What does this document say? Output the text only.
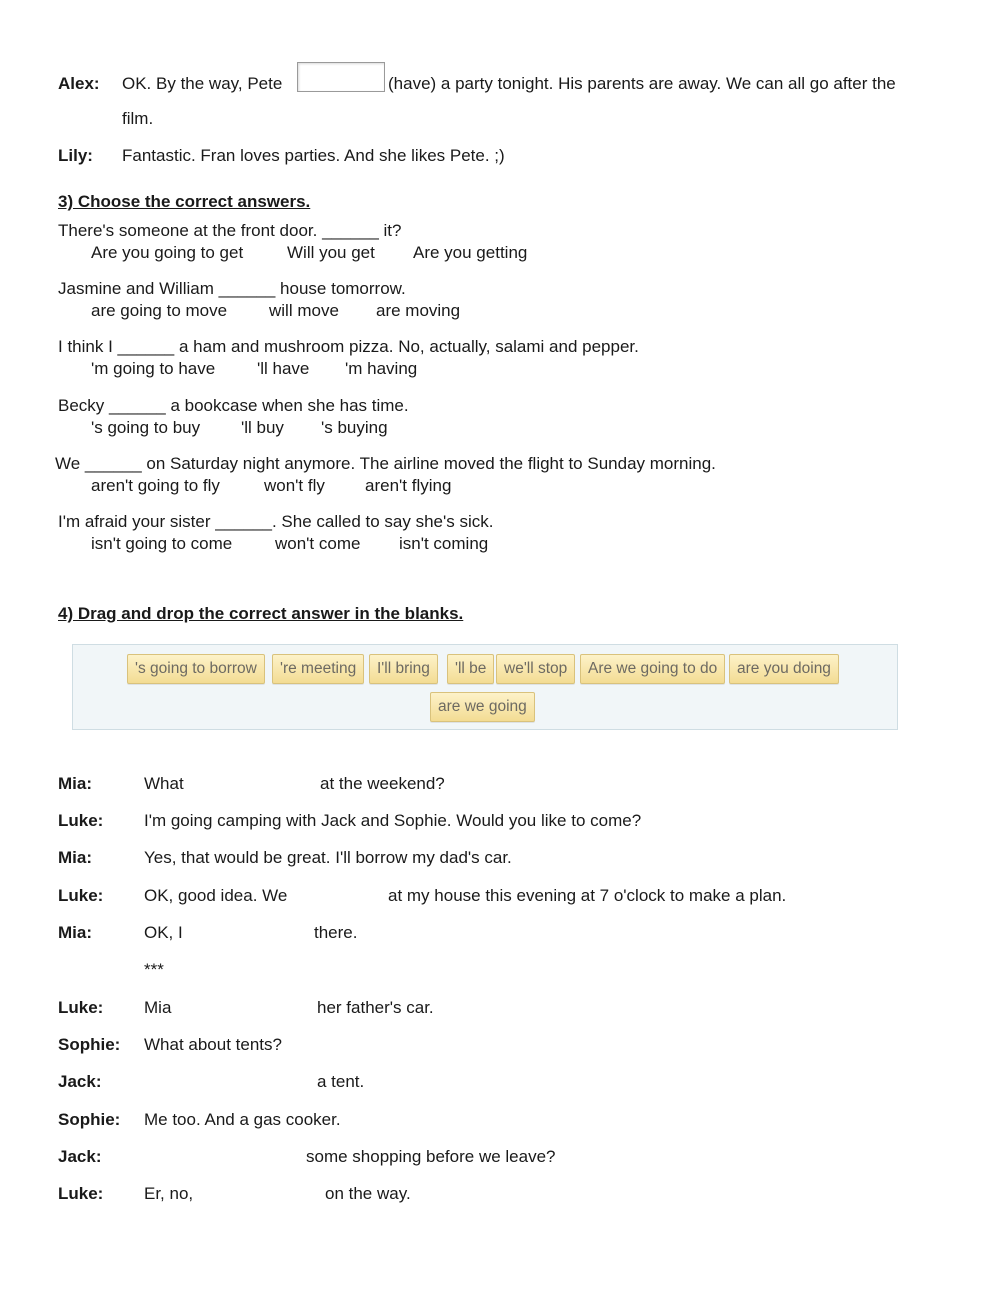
Alex: OK. By the way, Pete	(have) a party tonight. His parents are away. We can all go after the
film.
Lily: Fantastic. Fran loves parties. And she likes Pete. ;)
3) Choose the correct answers.
There's someone at the front door. ______ it?
Are you going to get	Will you get Are you getting
Jasmine and William ______ house tomorrow.
are going to move will move are moving
I think I ______ a ham and mushroom pizza. No, actually, salami and pepper.
'm going to have 'll have 'm having
Becky ______ a bookcase when she has time.
's going to buy 'll buy 's buying
We ______ on Saturday night anymore. The airline moved the flight to Sunday morning.
aren't going to fly	won't fly aren't flying
I'm afraid your sister ______. She called to say she's sick.
isn't going to come	won't come isn't coming
4) Drag and drop the correct answer in the blanks.
's going to borrow	're meeting	I'll bring	'll be	we'll stop	Are we going to do	are you doing
are we going
Mia:	What	at the weekend?
Luke: I'm going camping with Jack and Sophie. Would you like to come?
Mia:	Yes, that would be great. I'll borrow my dad's car.
Luke: OK, good idea. We	at my house this evening at 7 o'clock to make a plan.
Mia:	OK, I	there.
***
Luke: Mia	her father's car.
Sophie: What about tents?
Jack:	a tent.
Sophie: Me too. And a gas cooker.
Jack:	some shopping before we leave?
Luke: Er, no,	on the way.
